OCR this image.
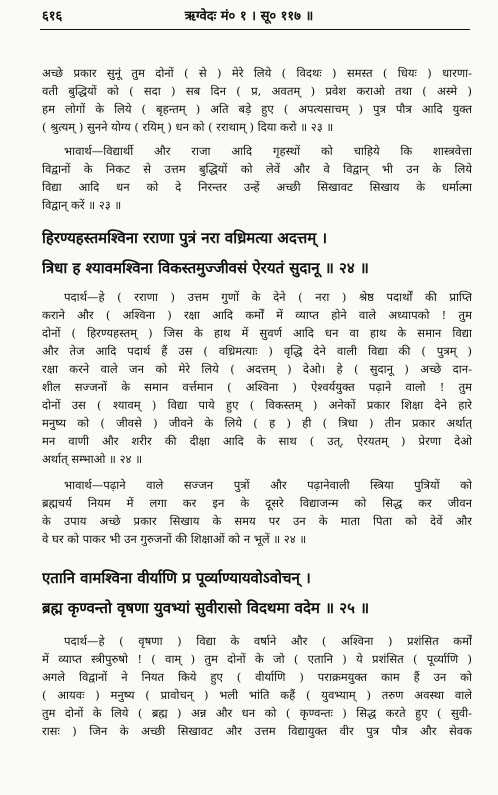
६१६	ऋग्वेदः मं० १ । सू० ११७ ॥
अच्छे प्रकार सुनूं तुम दोनों ( से ) मेरे लिये ( विदथः ) समस्त ( धियः ) धारणा-
वती बुद्धियों को ( सदा ) सब दिन ( प्र, अवतम् ) प्रवेश कराओ तथा ( अस्मे )
हम लोगों के लिये ( बृहन्तम् ) अति बड़े हुए ( अपत्यसाचम् ) पुत्र पौत्र आदि युक्त
( श्रुत्यम् ) सुनने योग्य ( रयिम् ) धन को ( रराथाम् ) दिया करो ॥ २३ ॥
भावार्थ—विद्यार्थी और राजा आदि गृहस्थों को चाहिये कि शास्त्रवेत्ता
विद्वानों के निकट से उत्तम बुद्धियों को लेवें और वे विद्वान् भी उन के लिये
विद्या आदि धन को दे निरन्तर उन्हें अच्छी सिखावट सिखाय के धर्मात्मा
विद्वान् करें ॥ २३ ॥
हिरण्यहस्तमश्विना रराणा पुत्रं नरा वध्रिमत्या अदत्तम् ।
त्रिधा ह श्यावमश्विना विकस्तमुज्जीवसं ऐरयतं सुदानू ॥ २४ ॥
पदार्थ—हे ( रराणा ) उत्तम गुणों के देने ( नरा ) श्रेष्ठ पदार्थों की प्राप्ति
कराने और ( अश्विना ) रक्षा आदि कर्मों में व्याप्त होने वाले अध्यापको ! तुम
दोनों ( हिरण्यहस्तम् ) जिस के हाथ में सुवर्ण आदि धन वा हाथ के समान विद्या
और तेज आदि पदार्थ हैं उस ( वध्रिमत्याः ) वृद्धि देने वाली विद्या की ( पुत्रम् )
रक्षा करने वाले जन को मेरे लिये ( अदत्तम् ) देओ। हे ( सुदानू ) अच्छे दान-
शील सज्जनों के समान वर्त्तमान ( अश्विना ) ऐश्वर्ययुक्त पढ़ाने वालो ! तुम
दोनों उस ( श्यावम् ) विद्या पाये हुए ( विकस्तम् ) अनेकों प्रकार शिक्षा देने हारे
मनुष्य को ( जीवसे ) जीवने के लिये ( ह ) ही ( त्रिधा ) तीन प्रकार अर्थात्
मन वाणी और शरीर की दीक्षा आदि के साथ ( उत्, ऐरयतम् ) प्रेरणा देओ
अर्थात् सम्भाओ ॥ २४ ॥
भावार्थ—पढ़ाने वाले सज्जन पुत्रों और पढ़ानेवाली स्त्रिया पुत्रियों को
ब्रह्मचर्य नियम में लगा कर इन के दूसरे विद्याजन्म को सिद्ध कर जीवन
के उपाय अच्छे प्रकार सिखाय के समय पर उन के माता पिता को देवें और
वे घर को पाकर भी उन गुरुजनों की शिक्षाओं को न भूलें ॥ २४ ॥
एतानि वामश्विना वीर्याणि प्र पूर्व्याण्यायवोऽवोचन् ।
ब्रह्म कृण्वन्तो वृषणा युवभ्यां सुवीरासो विदथमा वदेम ॥ २५ ॥
पदार्थ—हे ( वृषणा ) विद्या के वर्षाने और ( अश्विना ) प्रशंसित कर्मों
में व्याप्त स्त्रीपुरुषो ! ( वाम् ) तुम दोनों के जो ( एतानि ) ये प्रशंसित ( पूर्व्याणि )
अगले विद्वानों ने नियत किये हुए ( वीर्याणि ) पराक्रमयुक्त काम हैं उन को
( आयवः ) मनुष्य ( प्रावोचन् ) भली भांति कहैं ( युवभ्याम् ) तरुण अवस्था वाले
तुम दोनों के लिये ( ब्रह्म ) अन्न और धन को ( कृण्वन्तः ) सिद्ध करते हुए ( सुवी-
रासः ) जिन के अच्छी सिखावट और उत्तम विद्यायुक्त वीर पुत्र पौत्र और सेवक
